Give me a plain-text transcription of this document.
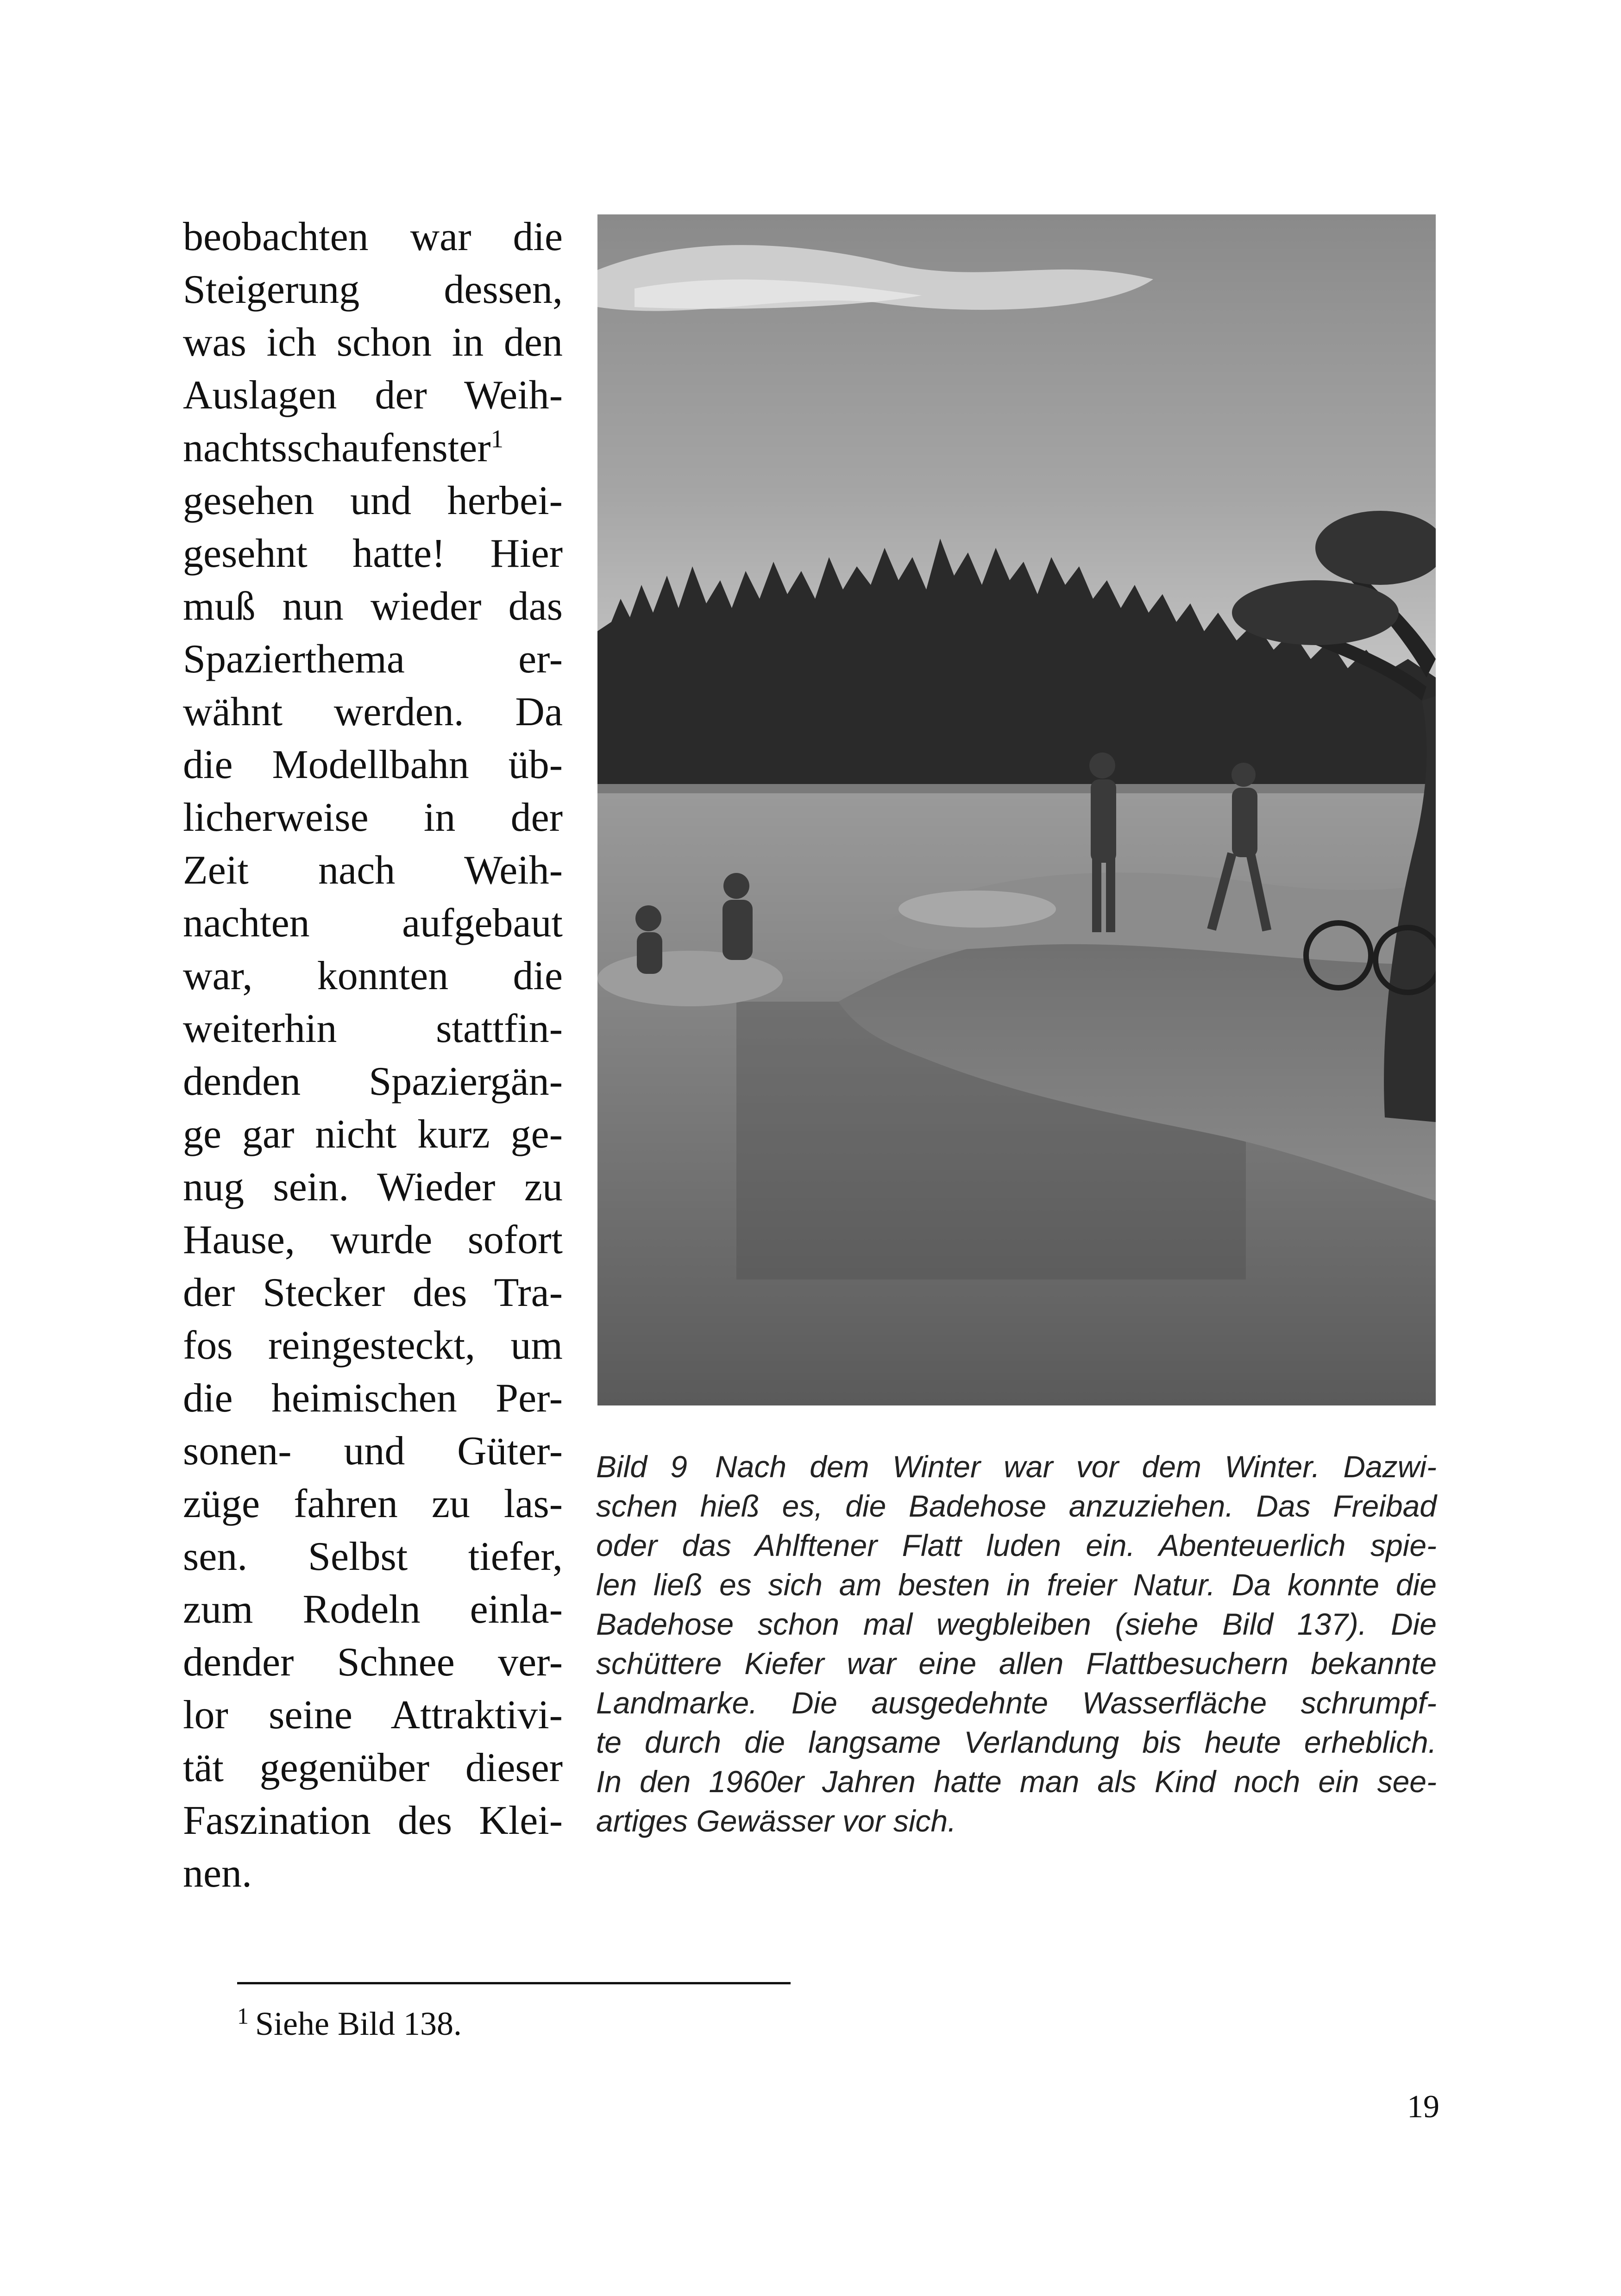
beobachten war die
Steigerung dessen,
was ich schon in den
Auslagen der Weih-
nachtsschaufenster$^1$
gesehen und herbei-
gesehnt hatte! Hier
muß nun wieder das
Spazierthema er-
wähnt werden. Da
die Modellbahn üb-
licherweise in der
Zeit nach Weih-
nachten aufgebaut
war, konnten die
weiterhin stattfin-
denden Spaziergän-
ge gar nicht kurz ge-
nug sein. Wieder zu
Hause, wurde sofort
der Stecker des Tra-
fos reingesteckt, um
die heimischen Per-
sonen- und Güter-
züge fahren zu las-
sen. Selbst tiefer,
zum Rodeln einla-
dender Schnee ver-
lor seine Attraktivi-
tät gegenüber dieser
Faszination des Klei-
nen.
Bild 9 Nach dem Winter war vor dem Winter. Dazwi-
schen hieß es, die Badehose anzuziehen. Das Freibad
oder das Ahlftener Flatt luden ein. Abenteuerlich spie-
len ließ es sich am besten in freier Natur. Da konnte die
Badehose schon mal wegbleiben (siehe Bild 137). Die
schüttere Kiefer war eine allen Flattbesuchern bekannte
Landmarke. Die ausgedehnte Wasserfläche schrumpf-
te durch die langsame Verlandung bis heute erheblich.
In den 1960er Jahren hatte man als Kind noch ein see-
artiges Gewässer vor sich.
$^1$ Siehe Bild 138.
19
